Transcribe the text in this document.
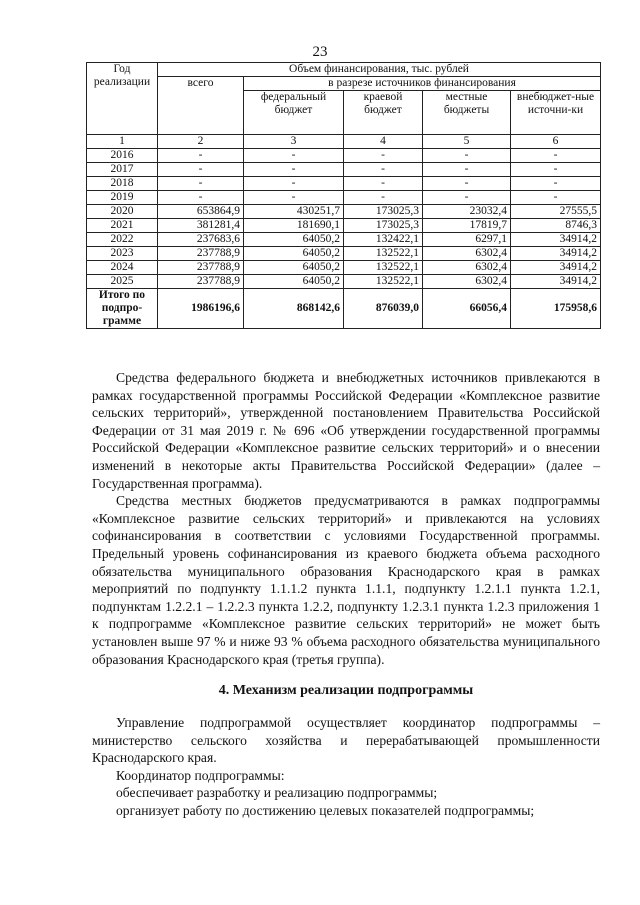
23
Год реализации	Объем финансирования, тыс. рублей				
	всего	в разрезе источников финансирования			
		федеральный бюджет	краевой бюджет	местные бюджеты	внебюджет-ные источни-ки
1	2	3	4	5	6
2016	-	-	-	-	-
2017	-	-	-	-	-
2018	-	-	-	-	-
2019	-	-	-	-	-
2020	653864,9	430251,7	173025,3	23032,4	27555,5
2021	381281,4	181690,1	173025,3	17819,7	8746,3
2022	237683,6	64050,2	132422,1	6297,1	34914,2
2023	237788,9	64050,2	132522,1	6302,4	34914,2
2024	237788,9	64050,2	132522,1	6302,4	34914,2
2025	237788,9	64050,2	132522,1	6302,4	34914,2
Итого по подпро-грамме	1986196,6	868142,6	876039,0	66056,4	175958,6

Средства федерального бюджета и внебюджетных источников привлекаются в рамках государственной программы Российской Федерации «Комплексное развитие сельских территорий», утвержденной постановлением Правительства Российской Федерации от 31 мая 2019 г. № 696 «Об утверждении государственной программы Российской Федерации «Комплексное развитие сельских территорий» и о внесении изменений в некоторые акты Правительства Российской Федерации» (далее – Государственная программа).

Средства местных бюджетов предусматриваются в рамках подпрограммы «Комплексное развитие сельских территорий» и привлекаются на условиях софинансирования в соответствии с условиями Государственной программы. Предельный уровень софинансирования из краевого бюджета объема расходного обязательства муниципального образования Краснодарского края в рамках мероприятий по подпункту 1.1.1.2 пункта 1.1.1, подпункту 1.2.1.1 пункта 1.2.1, подпунктам 1.2.2.1 – 1.2.2.3 пункта 1.2.2, подпункту 1.2.3.1 пункта 1.2.3 приложения 1 к подпрограмме «Комплексное развитие сельских территорий» не может быть установлен выше 97 % и ниже 93 % объема расходного обязательства муниципального образования Краснодарского края (третья группа).

4. Механизм реализации подпрограммы

Управление подпрограммой осуществляет координатор подпрограммы – министерство сельского хозяйства и перерабатывающей промышленности Краснодарского края.

Координатор подпрограммы:

обеспечивает разработку и реализацию подпрограммы;

организует работу по достижению целевых показателей подпрограммы;
